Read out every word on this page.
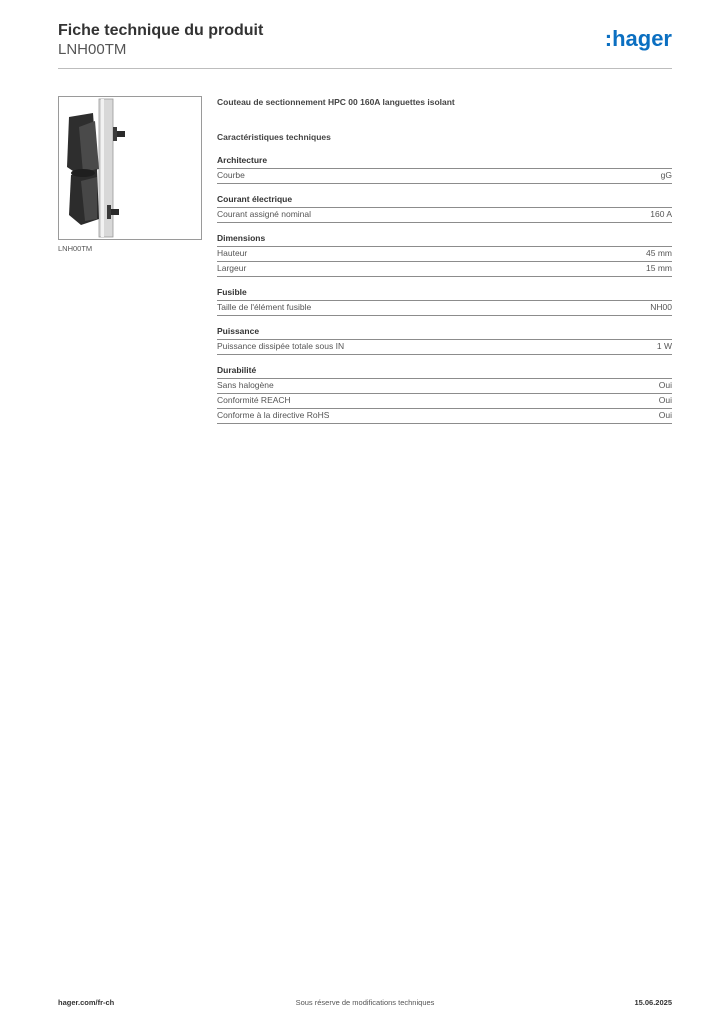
Fiche technique du produit
LNH00TM	:hager
LNH00TM
Couteau de sectionnement HPC 00 160A languettes isolant
Caractéristiques techniques
Architecture
Courbe	gG
Courant électrique
Courant assigné nominal	160 A
Dimensions
Hauteur	45 mm
Largeur	15 mm
Fusible
Taille de l'élément fusible	NH00
Puissance
Puissance dissipée totale sous IN	1 W
Durabilité
Sans halogène	Oui
Conformité REACH	Oui
Conforme à la directive RoHS	Oui
hager.com/fr-ch	Sous réserve de modifications techniques	15.06.2025
